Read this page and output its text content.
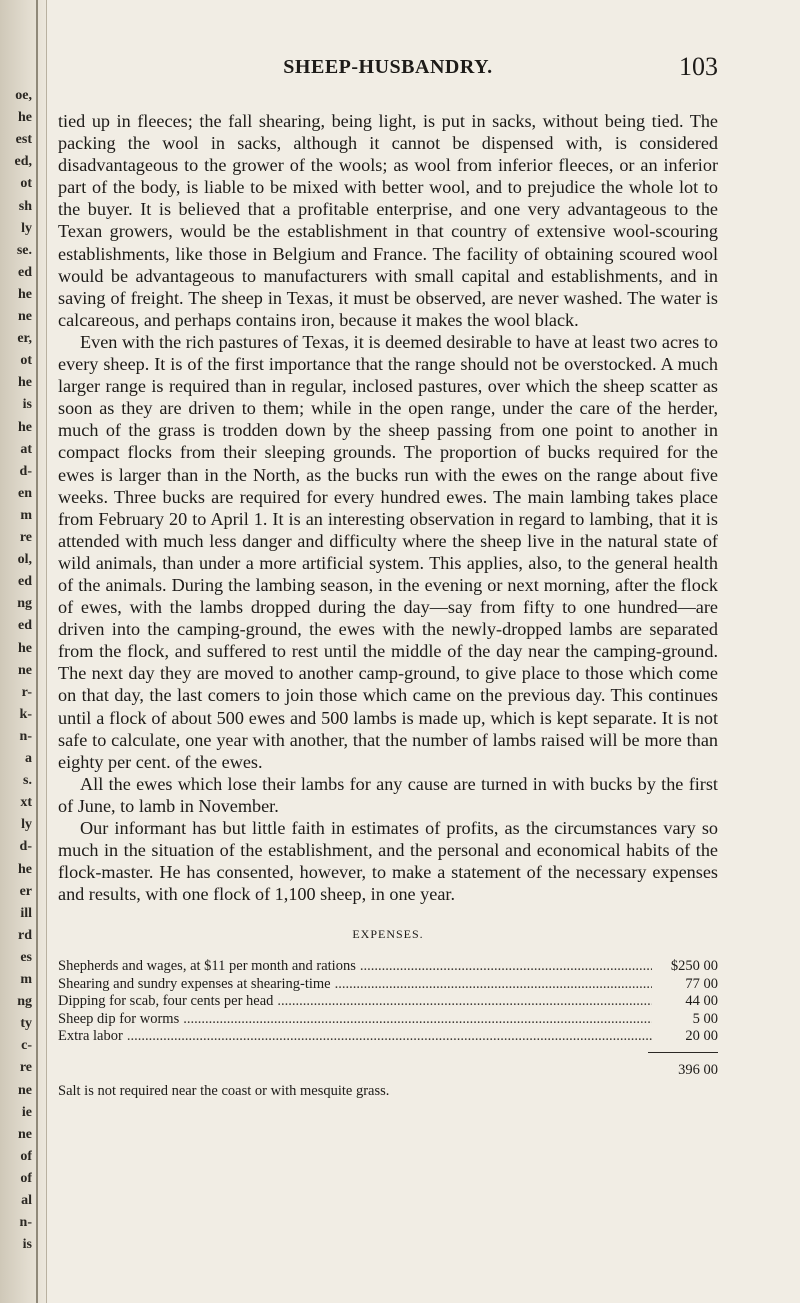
oe,
he
est
ed,
ot
sh
ly
se.
ed
he
ne
er,
ot
he
is
he
at
d-
en
m
re
ol,
ed
ng
ed
he
ne
r-
k-
n-
a
s.
xt
ly
d-
he
er
ill
rd
es
m
ng
ty
c-
re
ne
ie
ne
of
of
al
n-
is
SHEEP-HUSBANDRY.	103

tied up in fleeces; the fall shearing, being light, is put in sacks, without being tied. The packing the wool in sacks, although it cannot be dispensed with, is considered disadvantageous to the grower of the wools; as wool from inferior fleeces, or an inferior part of the body, is liable to be mixed with better wool, and to prejudice the whole lot to the buyer. It is believed that a profitable enterprise, and one very advantageous to the Texan growers, would be the establishment in that country of extensive wool-scouring establishments, like those in Belgium and France. The facility of obtaining scoured wool would be advantageous to manufacturers with small capital and establishments, and in saving of freight. The sheep in Texas, it must be observed, are never washed. The water is calcareous, and perhaps contains iron, because it makes the wool black.

Even with the rich pastures of Texas, it is deemed desirable to have at least two acres to every sheep. It is of the first importance that the range should not be overstocked. A much larger range is required than in regular, inclosed pastures, over which the sheep scatter as soon as they are driven to them; while in the open range, under the care of the herder, much of the grass is trodden down by the sheep passing from one point to another in compact flocks from their sleeping grounds. The proportion of bucks required for the ewes is larger than in the North, as the bucks run with the ewes on the range about five weeks. Three bucks are required for every hundred ewes. The main lambing takes place from February 20 to April 1. It is an interesting observation in regard to lambing, that it is attended with much less danger and difficulty where the sheep live in the natural state of wild animals, than under a more artificial system. This applies, also, to the general health of the animals. During the lambing season, in the evening or next morning, after the flock of ewes, with the lambs dropped during the day—say from fifty to one hundred—are driven into the camping-ground, the ewes with the newly-dropped lambs are separated from the flock, and suffered to rest until the middle of the day near the camping-ground. The next day they are moved to another camp-ground, to give place to those which come on that day, the last comers to join those which came on the previous day. This continues until a flock of about 500 ewes and 500 lambs is made up, which is kept separate. It is not safe to calculate, one year with another, that the number of lambs raised will be more than eighty per cent. of the ewes.

All the ewes which lose their lambs for any cause are turned in with bucks by the first of June, to lamb in November.

Our informant has but little faith in estimates of profits, as the circumstances vary so much in the situation of the establishment, and the personal and economical habits of the flock-master. He has consented, however, to make a statement of the necessary expenses and results, with one flock of 1,100 sheep, in one year.

EXPENSES.
Shepherds and wages, at $11 per month and rations .....	$250 00
Shearing and sundry expenses at shearing-time .....	77 00
Dipping for scab, four cents per head .....	44 00
Sheep dip for worms .....	5 00
Extra labor .....	20 00
396 00
Salt is not required near the coast or with mesquite grass.
